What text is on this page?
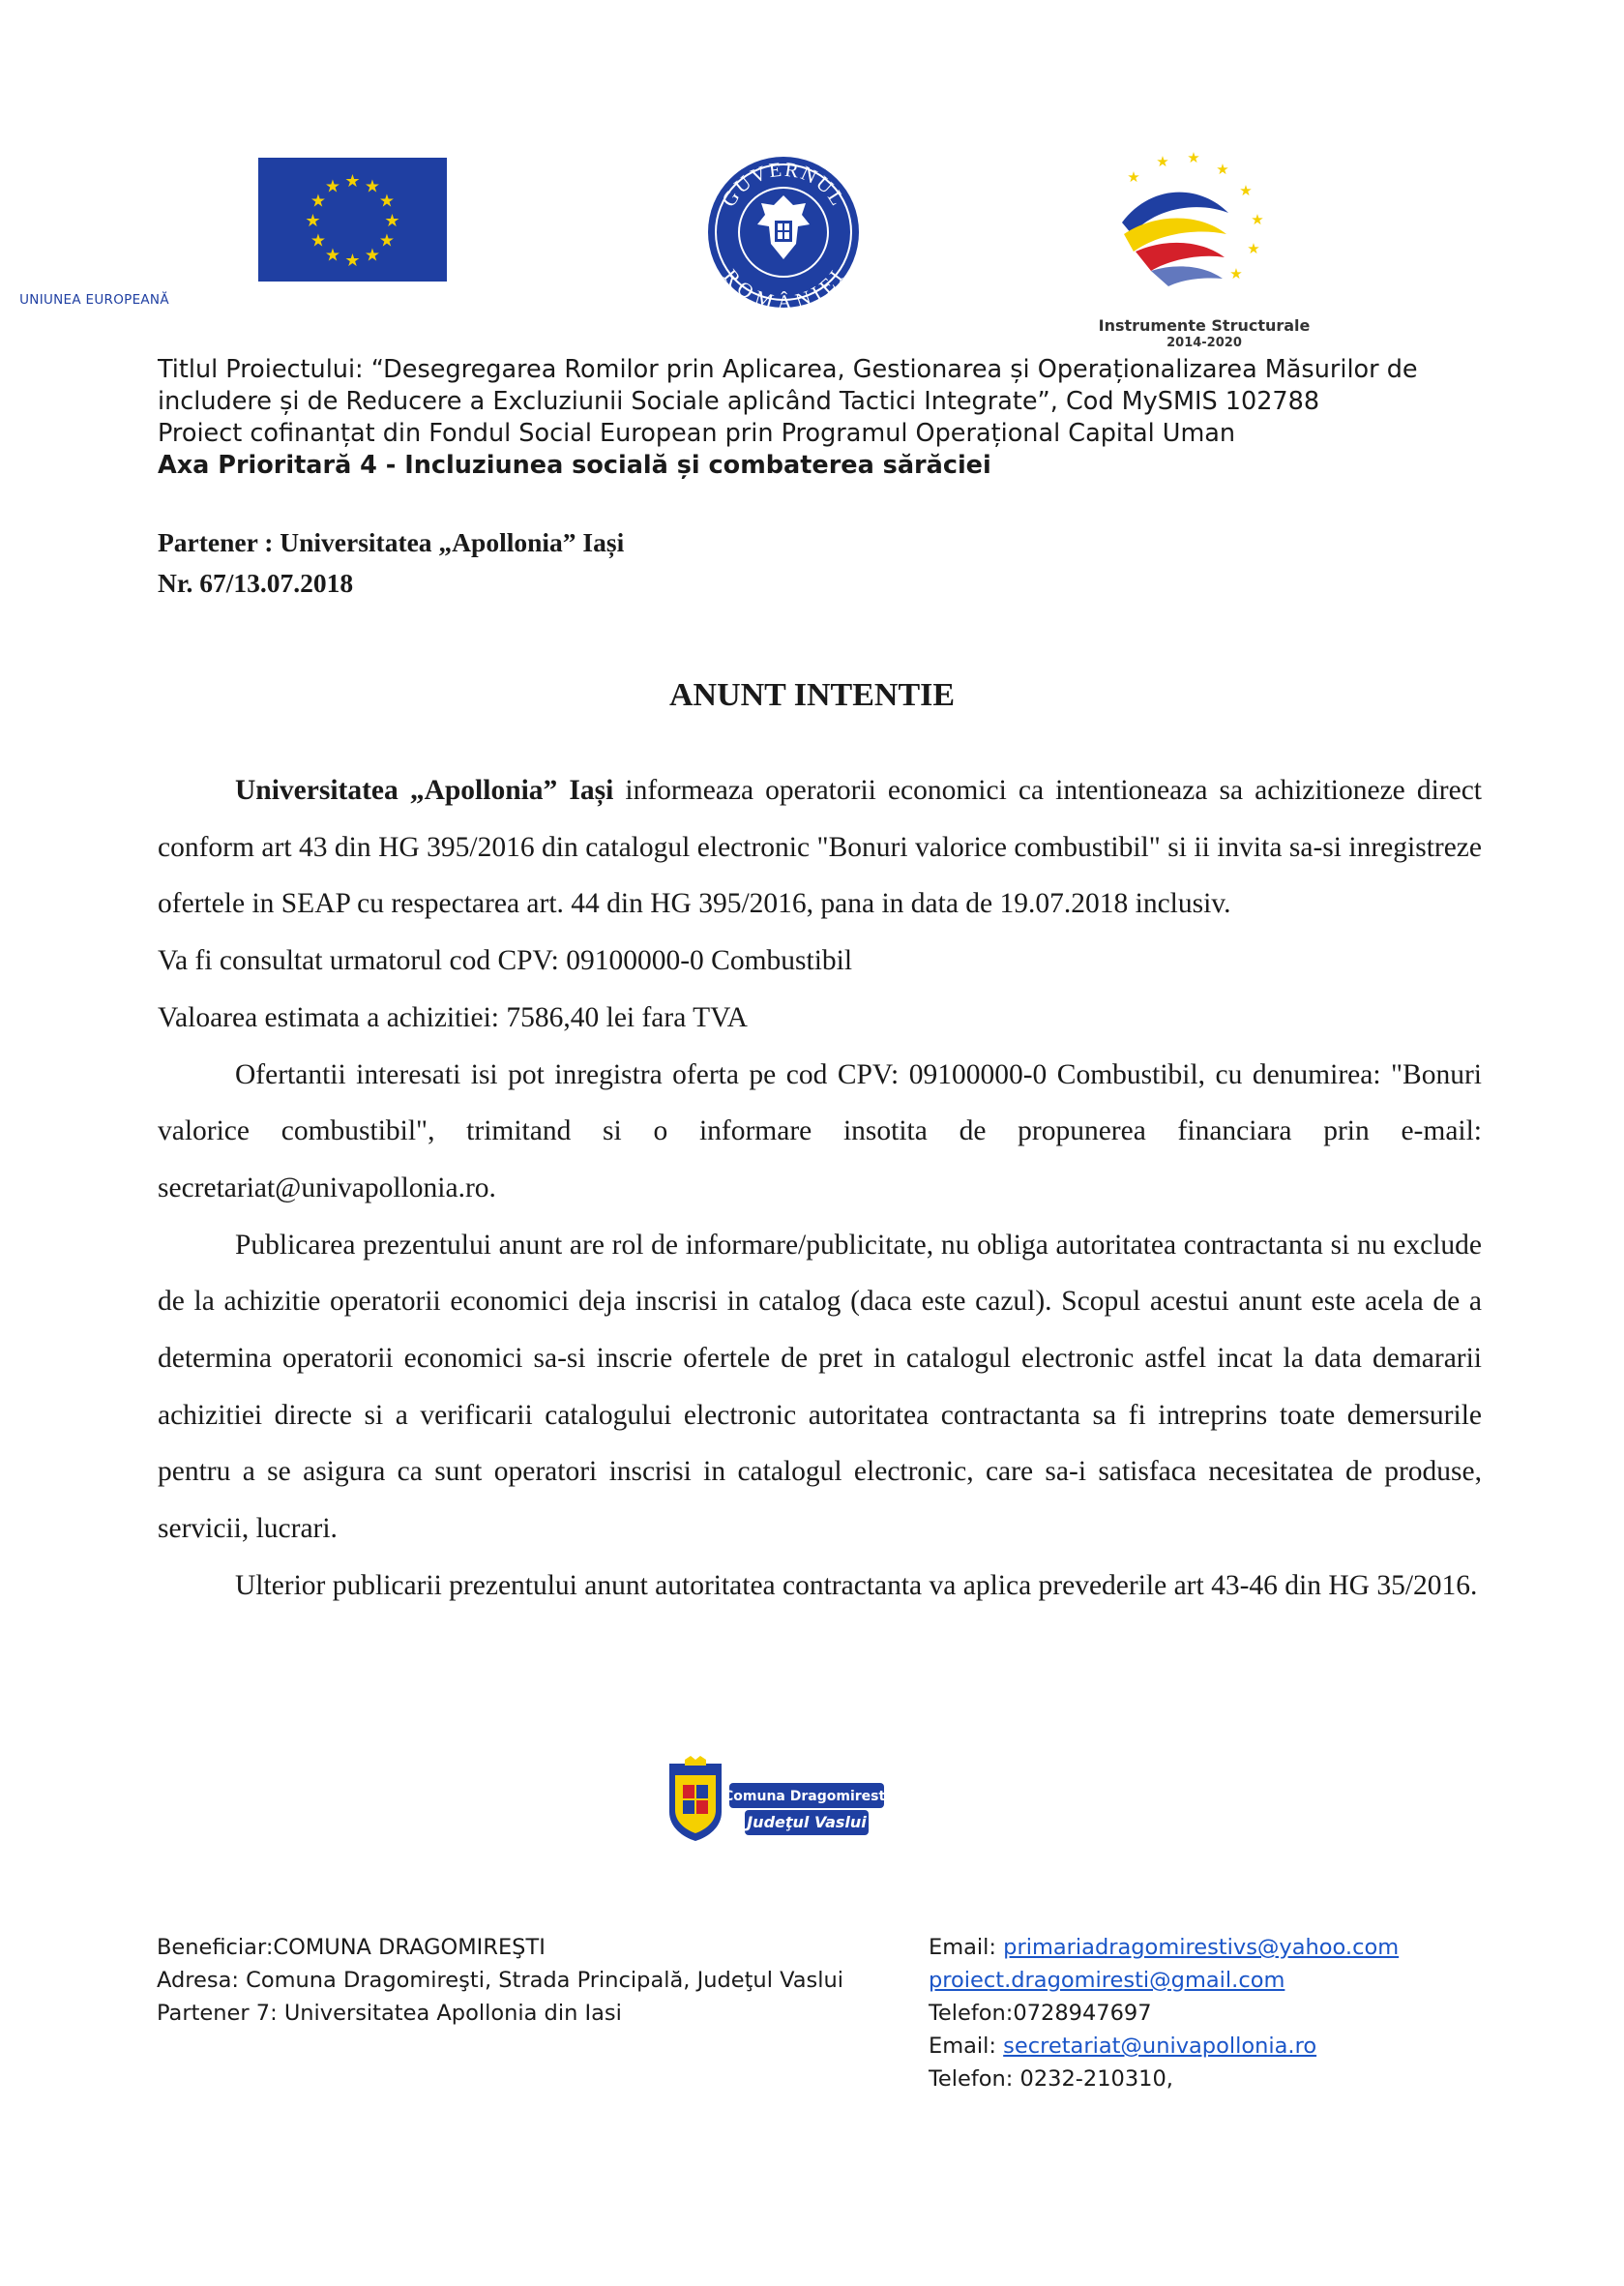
★ ★
★
★
★
★
★
★
★
★
★
★
UNIUNEA EUROPEANĂ
GUVERNUL
ROMÂNIEI
★
★ ★
★
★
★
★
★
Instrumente Structurale
2014-2020
Titlul Proiectului: “Desegregarea Romilor prin Aplicarea, Gestionarea și Operaționalizarea Măsurilor de
includere și de Reducere a Excluziunii Sociale aplicând Tactici Integrate”, Cod MySMIS 102788
Proiect cofinanțat din Fondul Social European prin Programul Operațional Capital Uman
Axa Prioritară 4 - Incluziunea socială și combaterea sărăciei
Partener : Universitatea „Apollonia” Iași
Nr. 67/13.07.2018
ANUNT INTENTIE

Universitatea „Apollonia” Iași informeaza operatorii economici ca intentioneaza sa achizitioneze direct conform art 43 din HG 395/2016 din catalogul electronic "Bonuri valorice combustibil" si ii invita sa-si inregistreze ofertele in SEAP cu respectarea art. 44 din HG 395/2016, pana in data de 19.07.2018 inclusiv.

Va fi consultat urmatorul cod CPV: 09100000-0 Combustibil

Valoarea estimata a achizitiei: 7586,40 lei fara TVA

Ofertantii interesati isi pot inregistra oferta pe cod CPV: 09100000-0 Combustibil, cu denumirea: "Bonuri valorice combustibil", trimitand si o informare insotita de propunerea financiara prin e-mail: secretariat@univapollonia.ro.

Publicarea prezentului anunt are rol de informare/publicitate, nu obliga autoritatea contractanta si nu exclude de la achizitie operatorii economici deja inscrisi in catalog (daca este cazul). Scopul acestui anunt este acela de a determina operatorii economici sa-si inscrie ofertele de pret in catalogul electronic astfel incat la data demararii achizitiei directe si a verificarii catalogului electronic autoritatea contractanta sa fi intreprins toate demersurile pentru a se asigura ca sunt operatori inscrisi in catalogul electronic, care sa-i satisfaca necesitatea de produse, servicii, lucrari.

Ulterior publicarii prezentului anunt autoritatea contractanta va aplica prevederile art 43-46 din HG 35/2016.

Comuna Dragomiresti
Judeţul Vaslui
Beneficiar:COMUNA DRAGOMIREŞTI
Adresa: Comuna Dragomireşti, Strada Principală, Judeţul Vaslui
Partener 7: Universitatea Apollonia din Iasi
Email: primariadragomirestivs@yahoo.com
proiect.dragomiresti@gmail.com
Telefon:0728947697
Email: secretariat@univapollonia.ro
Telefon: 0232-210310,
